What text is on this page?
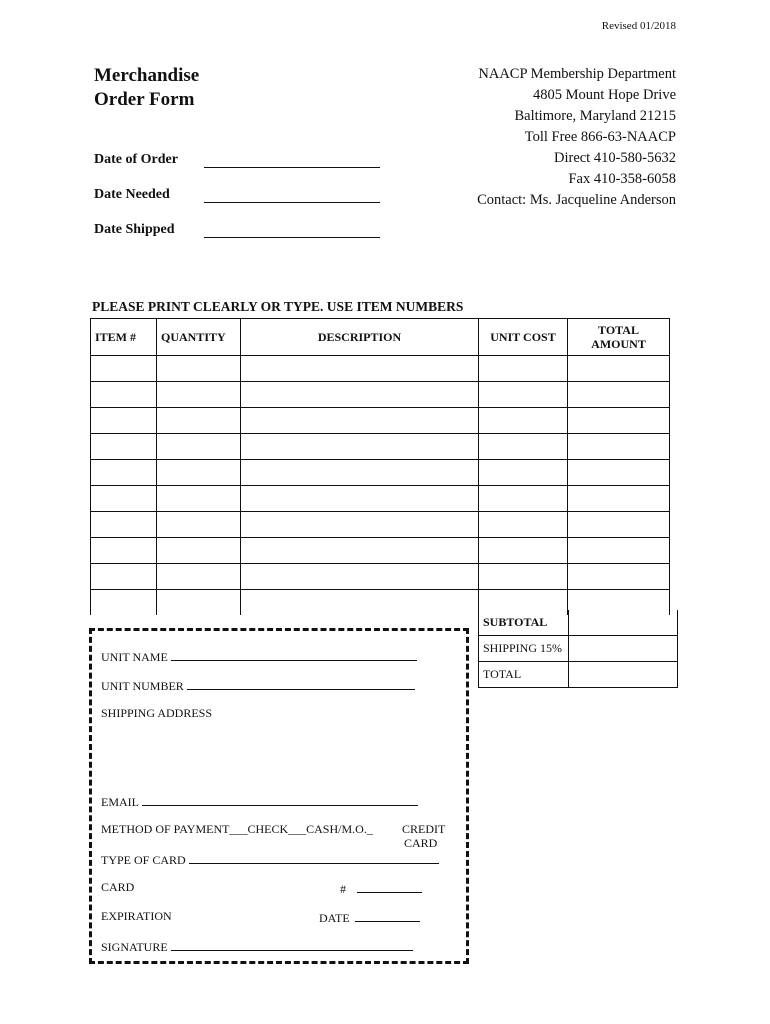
Revised 01/2018
Merchandise
Order Form
NAACP Membership Department
4805 Mount Hope Drive
Baltimore, Maryland 21215
Toll Free 866-63-NAACP
Direct 410-580-5632
Fax 410-358-6058
Contact: Ms. Jacqueline Anderson
Date of Order
Date Needed
Date Shipped
PLEASE PRINT CLEARLY OR TYPE. USE ITEM NUMBERS
ITEM #	QUANTITY	DESCRIPTION	UNIT COST	TOTAL
AMOUNT

SUBTOTAL	
SHIPPING 15%	
TOTAL	
UNIT NAME
UNIT NUMBER
SHIPPING ADDRESS
EMAIL
METHOD OF PAYMENT___CHECK___CASH/M.O._ CREDIT
CARD
TYPE OF CARD
CARD	#
EXPIRATION	DATE
SIGNATURE
